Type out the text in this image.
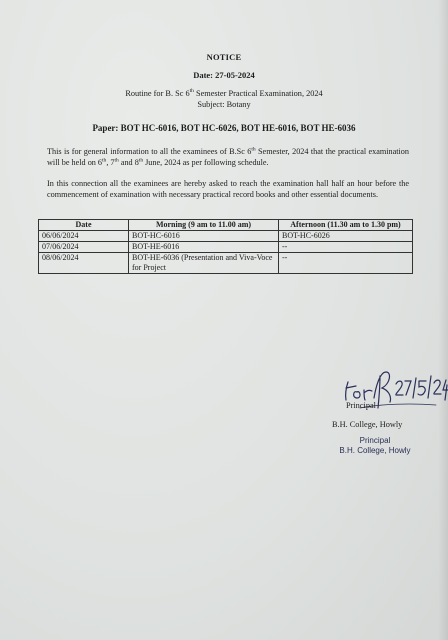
NOTICE
Date: 27-05-2024
Routine for B. Sc 6th Semester Practical Examination, 2024
Subject: Botany
Paper: BOT HC-6016, BOT HC-6026, BOT HE-6016, BOT HE-6036
This is for general information to all the examinees of B.Sc 6th Semester, 2024 that the practical examination will be held on 6th, 7th and 8th June, 2024 as per following schedule.
In this connection all the examinees are hereby asked to reach the examination hall half an hour before the commencement of examination with necessary practical record books and other essential documents.
Date	Morning (9 am to 11.00 am)	Afternoon (11.30 am to 1.30 pm)
06/06/2024	BOT-HC-6016	BOT-HC-6026
07/06/2024	BOT-HE-6016	--
08/06/2024	BOT-HE-6036 (Presentation and Viva-Voce for Project	--
Principal
B.H. College, Howly
Principal
B.H. College, Howly
